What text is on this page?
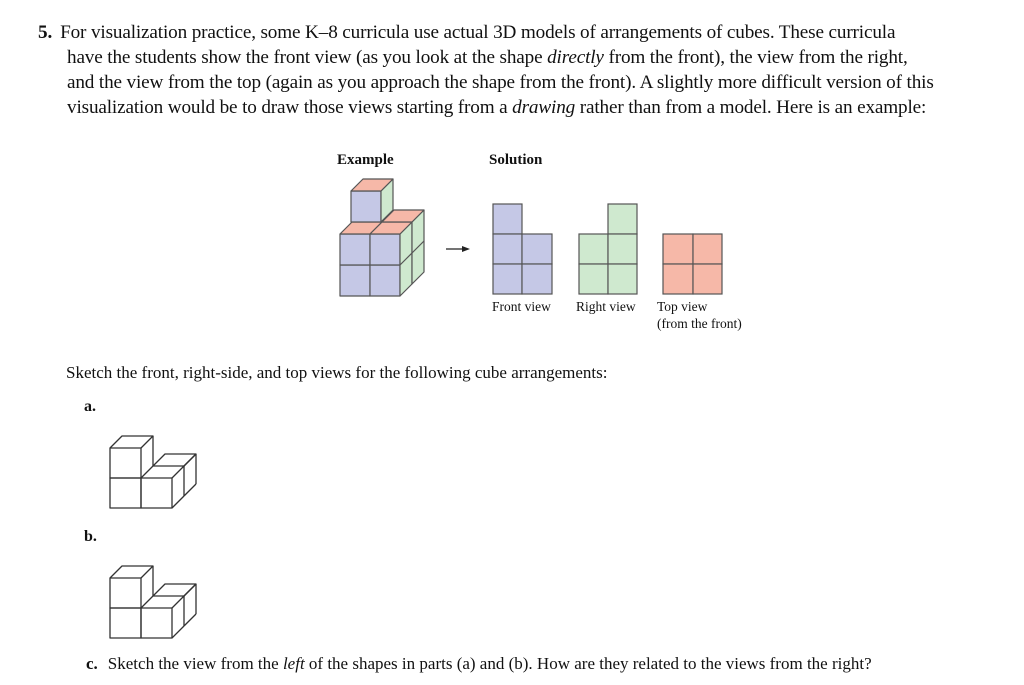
5. For visualization practice, some K–8 curricula use actual 3D models of arrangements of cubes. These curricula
have the students show the front view (as you look at the shape directly from the front), the view from the right,
and the view from the top (again as you approach the shape from the front). A slightly more difficult version of this
visualization would be to draw those views starting from a drawing rather than from a model. Here is an example:
Example	Solution
Front view Right view Top view
(from the front)
Sketch the front, right-side, and top views for the following cube arrangements:
a.
b.
c. Sketch the view from the left of the shapes in parts (a) and (b). How are they related to the views from the right?
